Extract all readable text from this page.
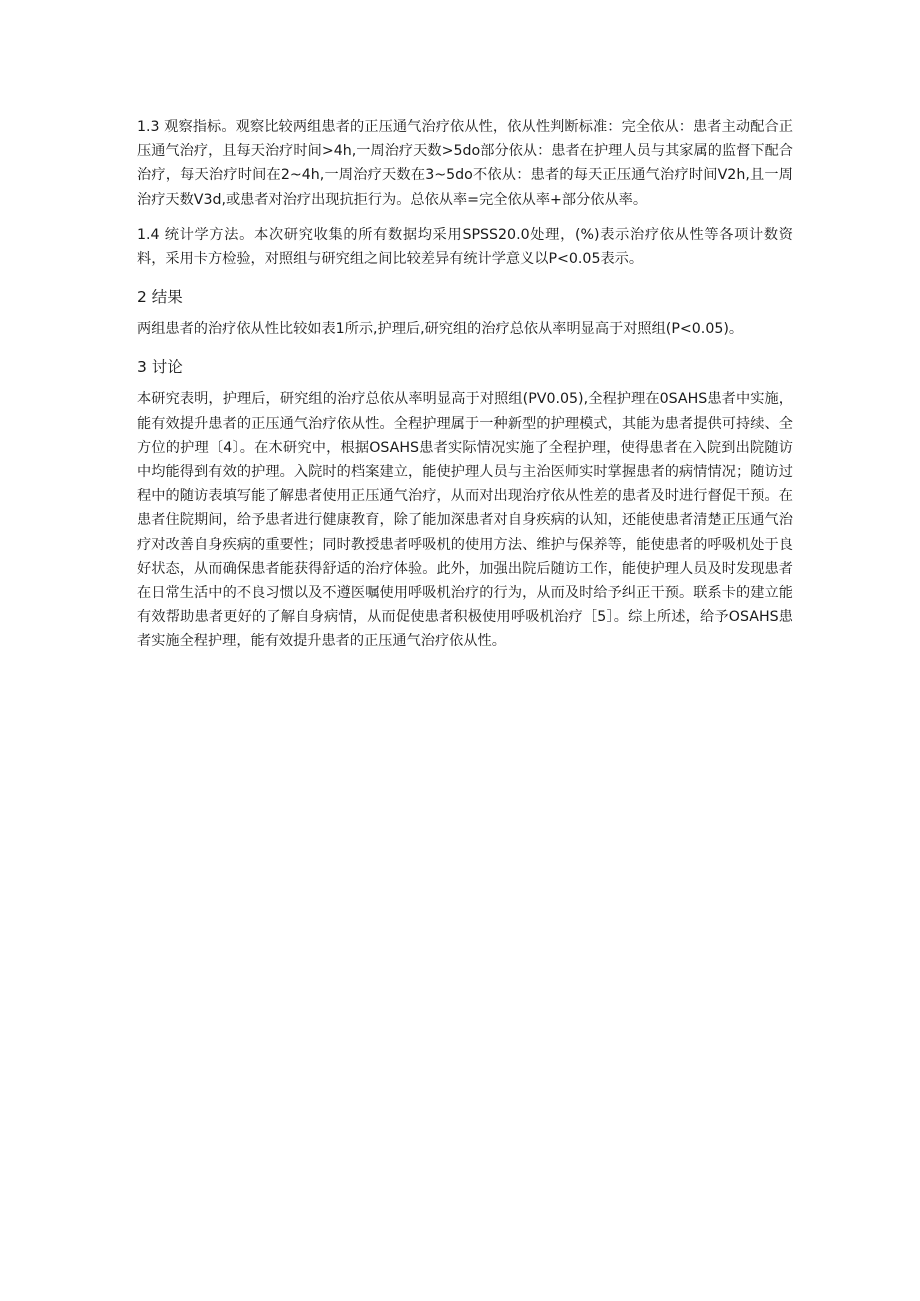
1.3 观察指标。观察比较两组患者的正压通气治疗依从性，依从性判断标准：完全依从：患者主动配合正压通气治疗，且每天治疗时间>4h,一周治疗天数>5do部分依从：患者在护理人员与其家属的监督下配合治疗，每天治疗时间在2~4h,一周治疗天数在3~5do不依从：患者的每天正压通气治疗时间V2h,且一周治疗天数V3d,或患者对治疗出现抗拒行为。总依从率=完全依从率+部分依从率。

1.4 统计学方法。本次研究收集的所有数据均采用SPSS20.0处理，(%)表示治疗依从性等各项计数资料，采用卡方检验，对照组与研究组之间比较差异有统计学意义以P<0.05表示。

2 结果

两组患者的治疗依从性比较如表1所示,护理后,研究组的治疗总依从率明显高于对照组(P<0.05)。

3 讨论

本研究表明，护理后，研究组的治疗总依从率明显高于对照组(PV0.05),全程护理在0SAHS患者中实施，能有效提升患者的正压通气治疗依从性。全程护理属于一种新型的护理模式，其能为患者提供可持续、全方位的护理〔4〕。在木研究中，根据OSAHS患者实际情况实施了全程护理，使得患者在入院到出院随访中均能得到有效的护理。入院时的档案建立，能使护理人员与主治医师实时掌握患者的病情情况；随访过程中的随访表填写能了解患者使用正压通气治疗，从而对出现治疗依从性差的患者及时进行督促干预。在患者住院期间，给予患者进行健康教育，除了能加深患者对自身疾病的认知，还能使患者清楚正压通气治疗对改善自身疾病的重要性；同时教授患者呼吸机的使用方法、维护与保养等，能使患者的呼吸机处于良好状态，从而确保患者能获得舒适的治疗体验。此外，加强出院后随访工作，能使护理人员及时发现患者在日常生活中的不良习惯以及不遵医嘱使用呼吸机治疗的行为，从而及时给予纠正干预。联系卡的建立能有效帮助患者更好的了解自身病情，从而促使患者积极使用呼吸机治疗［5］。综上所述，给予OSAHS患者实施全程护理，能有效提升患者的正压通气治疗依从性。
